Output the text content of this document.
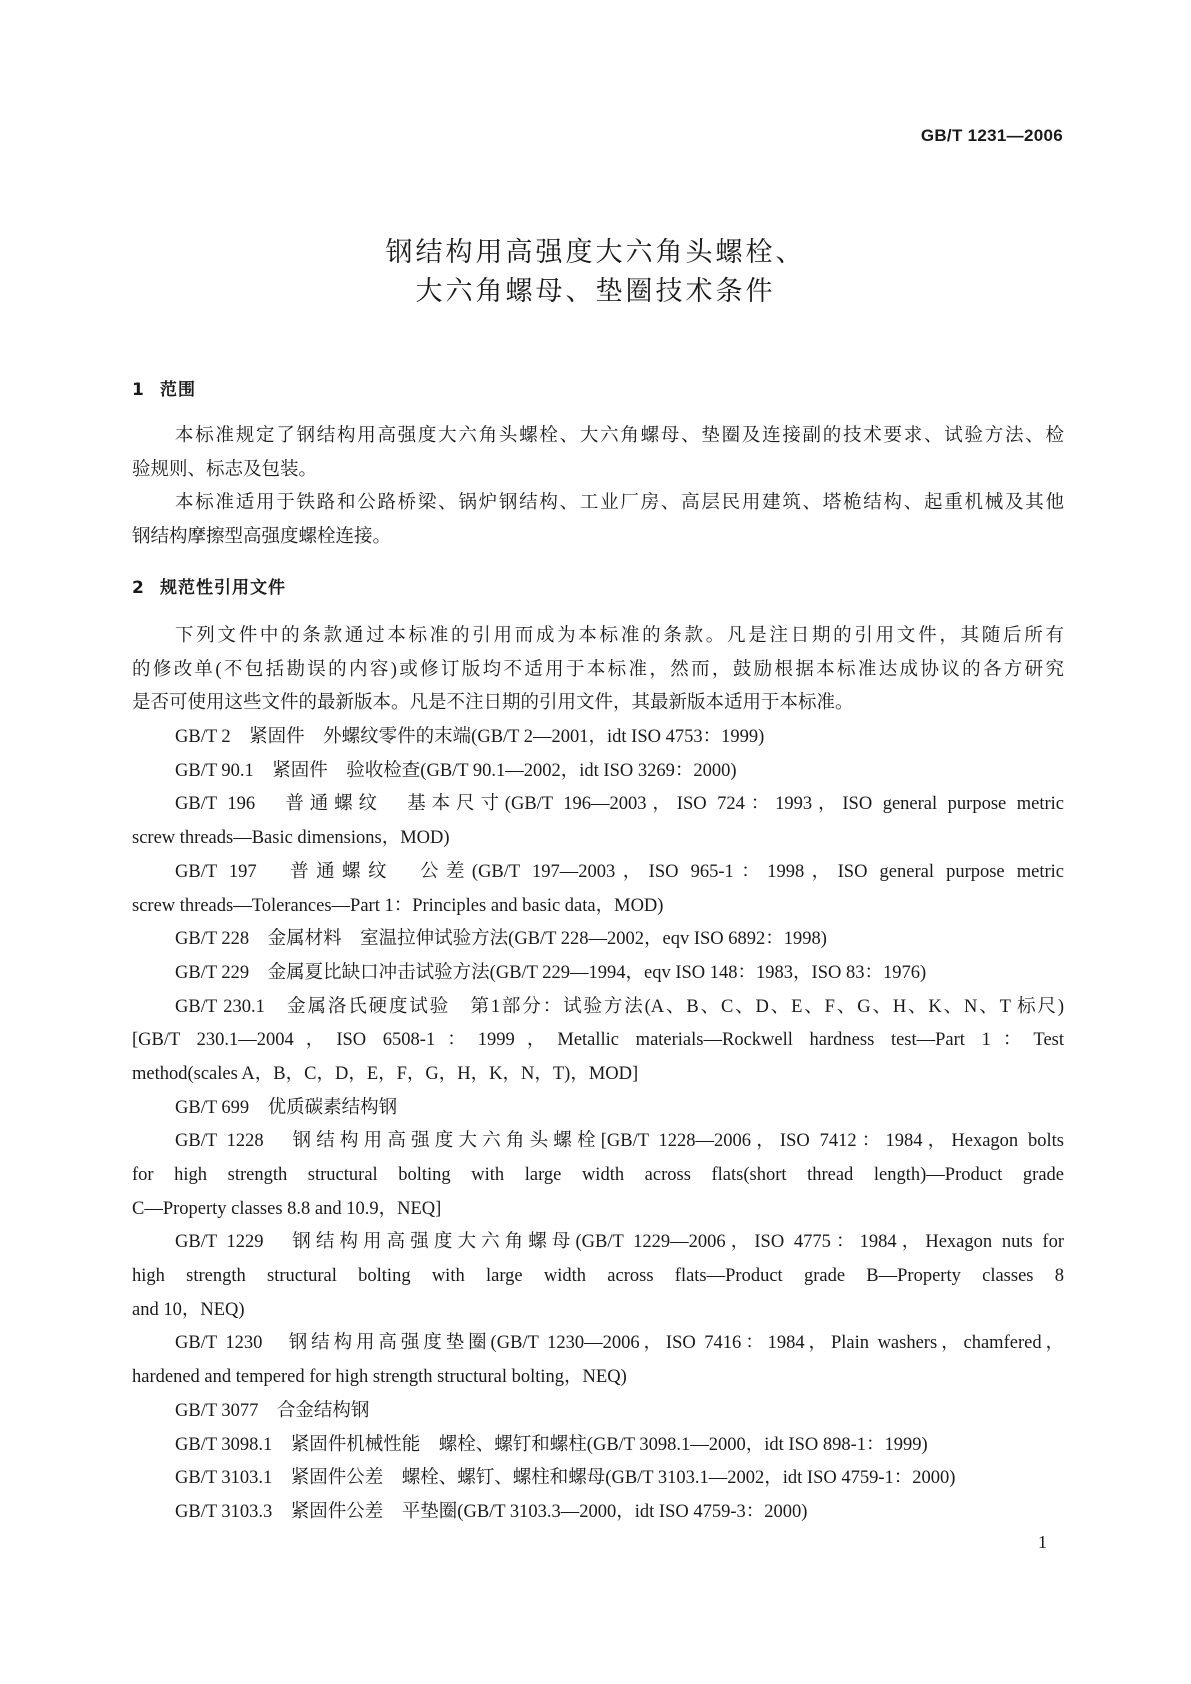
GB/T 1231—2006
钢结构用高强度大六角头螺栓、
大六角螺母、垫圈技术条件
1 范围
本标准规定了钢结构用高强度大六角头螺栓、大六角螺母、垫圈及连接副的技术要求、试验方法、检
验规则、标志及包装。
本标准适用于铁路和公路桥梁、锅炉钢结构、工业厂房、高层民用建筑、塔桅结构、起重机械及其他
钢结构摩擦型高强度螺栓连接。
2 规范性引用文件
下列文件中的条款通过本标准的引用而成为本标准的条款。凡是注日期的引用文件，其随后所有
的修改单(不包括勘误的内容)或修订版均不适用于本标准，然而，鼓励根据本标准达成协议的各方研究
是否可使用这些文件的最新版本。凡是不注日期的引用文件，其最新版本适用于本标准。
GB/T 2　紧固件　外螺纹零件的末端(GB/T 2—2001，idt ISO 4753：1999)
GB/T 90.1　紧固件　验收检查(GB/T 90.1—2002，idt ISO 3269：2000)
GB/T 196　普通螺纹　基本尺寸(GB/T 196—2003，ISO 724：1993，ISO general purpose metric
screw threads—Basic dimensions，MOD)
GB/T 197　普通螺纹　公差(GB/T 197—2003，ISO 965-1：1998，ISO general purpose metric
screw threads—Tolerances—Part 1：Principles and basic data，MOD)
GB/T 228　金属材料　室温拉伸试验方法(GB/T 228—2002，eqv ISO 6892：1998)
GB/T 229　金属夏比缺口冲击试验方法(GB/T 229—1994，eqv ISO 148：1983，ISO 83：1976)
GB/T 230.1　金属洛氏硬度试验　第1部分：试验方法(A、B、C、D、E、F、G、H、K、N、T 标尺)
[GB/T 230.1—2004，ISO 6508-1：1999，Metallic materials—Rockwell hardness test—Part 1：Test
method(scales A，B，C，D，E，F，G，H，K，N，T)，MOD]
GB/T 699　优质碳素结构钢
GB/T 1228　钢结构用高强度大六角头螺栓[GB/T 1228—2006，ISO 7412：1984，Hexagon bolts
for high strength structural bolting with large width across flats(short thread length)—Product grade
C—Property classes 8.8 and 10.9，NEQ]
GB/T 1229　钢结构用高强度大六角螺母(GB/T 1229—2006，ISO 4775：1984，Hexagon nuts for
high strength structural bolting with large width across flats—Product grade B—Property classes 8
and 10，NEQ)
GB/T 1230　钢结构用高强度垫圈(GB/T 1230—2006，ISO 7416：1984，Plain washers，chamfered，
hardened and tempered for high strength structural bolting，NEQ)
GB/T 3077　合金结构钢
GB/T 3098.1　紧固件机械性能　螺栓、螺钉和螺柱(GB/T 3098.1—2000，idt ISO 898-1：1999)
GB/T 3103.1　紧固件公差　螺栓、螺钉、螺柱和螺母(GB/T 3103.1—2002，idt ISO 4759-1：2000)
GB/T 3103.3　紧固件公差　平垫圈(GB/T 3103.3—2000，idt ISO 4759-3：2000)
1
